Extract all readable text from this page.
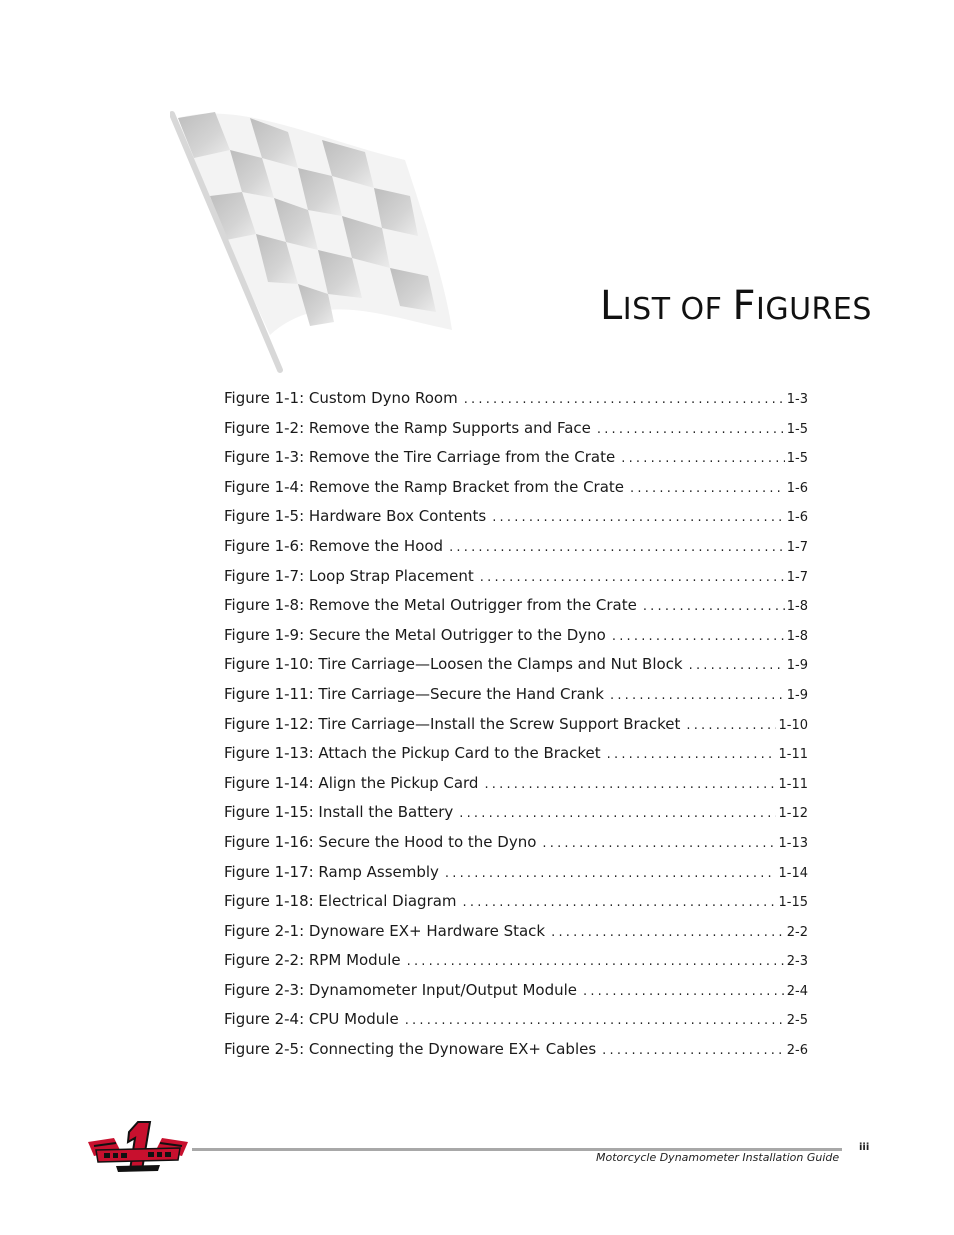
LIST OF FIGURES
Figure 1-1: Custom Dyno Room .....	1-3
Figure 1-2: Remove the Ramp Supports and Face .....	1-5
Figure 1-3: Remove the Tire Carriage from the Crate .....	1-5
Figure 1-4: Remove the Ramp Bracket from the Crate .....	1-6
Figure 1-5: Hardware Box Contents .....	1-6
Figure 1-6: Remove the Hood .....	1-7
Figure 1-7: Loop Strap Placement .....	1-7
Figure 1-8: Remove the Metal Outrigger from the Crate .....	1-8
Figure 1-9: Secure the Metal Outrigger to the Dyno .....	1-8
Figure 1-10: Tire Carriage—Loosen the Clamps and Nut Block .....	1-9
Figure 1-11: Tire Carriage—Secure the Hand Crank .....	1-9
Figure 1-12: Tire Carriage—Install the Screw Support Bracket .....	1-10
Figure 1-13: Attach the Pickup Card to the Bracket .....	1-11
Figure 1-14: Align the Pickup Card .....	1-11
Figure 1-15: Install the Battery .....	1-12
Figure 1-16: Secure the Hood to the Dyno .....	1-13
Figure 1-17: Ramp Assembly .....	1-14
Figure 1-18: Electrical Diagram .....	1-15
Figure 2-1: Dynoware EX+ Hardware Stack .....	2-2
Figure 2-2: RPM Module .....	2-3
Figure 2-3: Dynamometer Input/Output Module .....	2-4
Figure 2-4: CPU Module .....	2-5
Figure 2-5: Connecting the Dynoware EX+ Cables .....	2-6
Motorcycle Dynamometer Installation Guide
iii
